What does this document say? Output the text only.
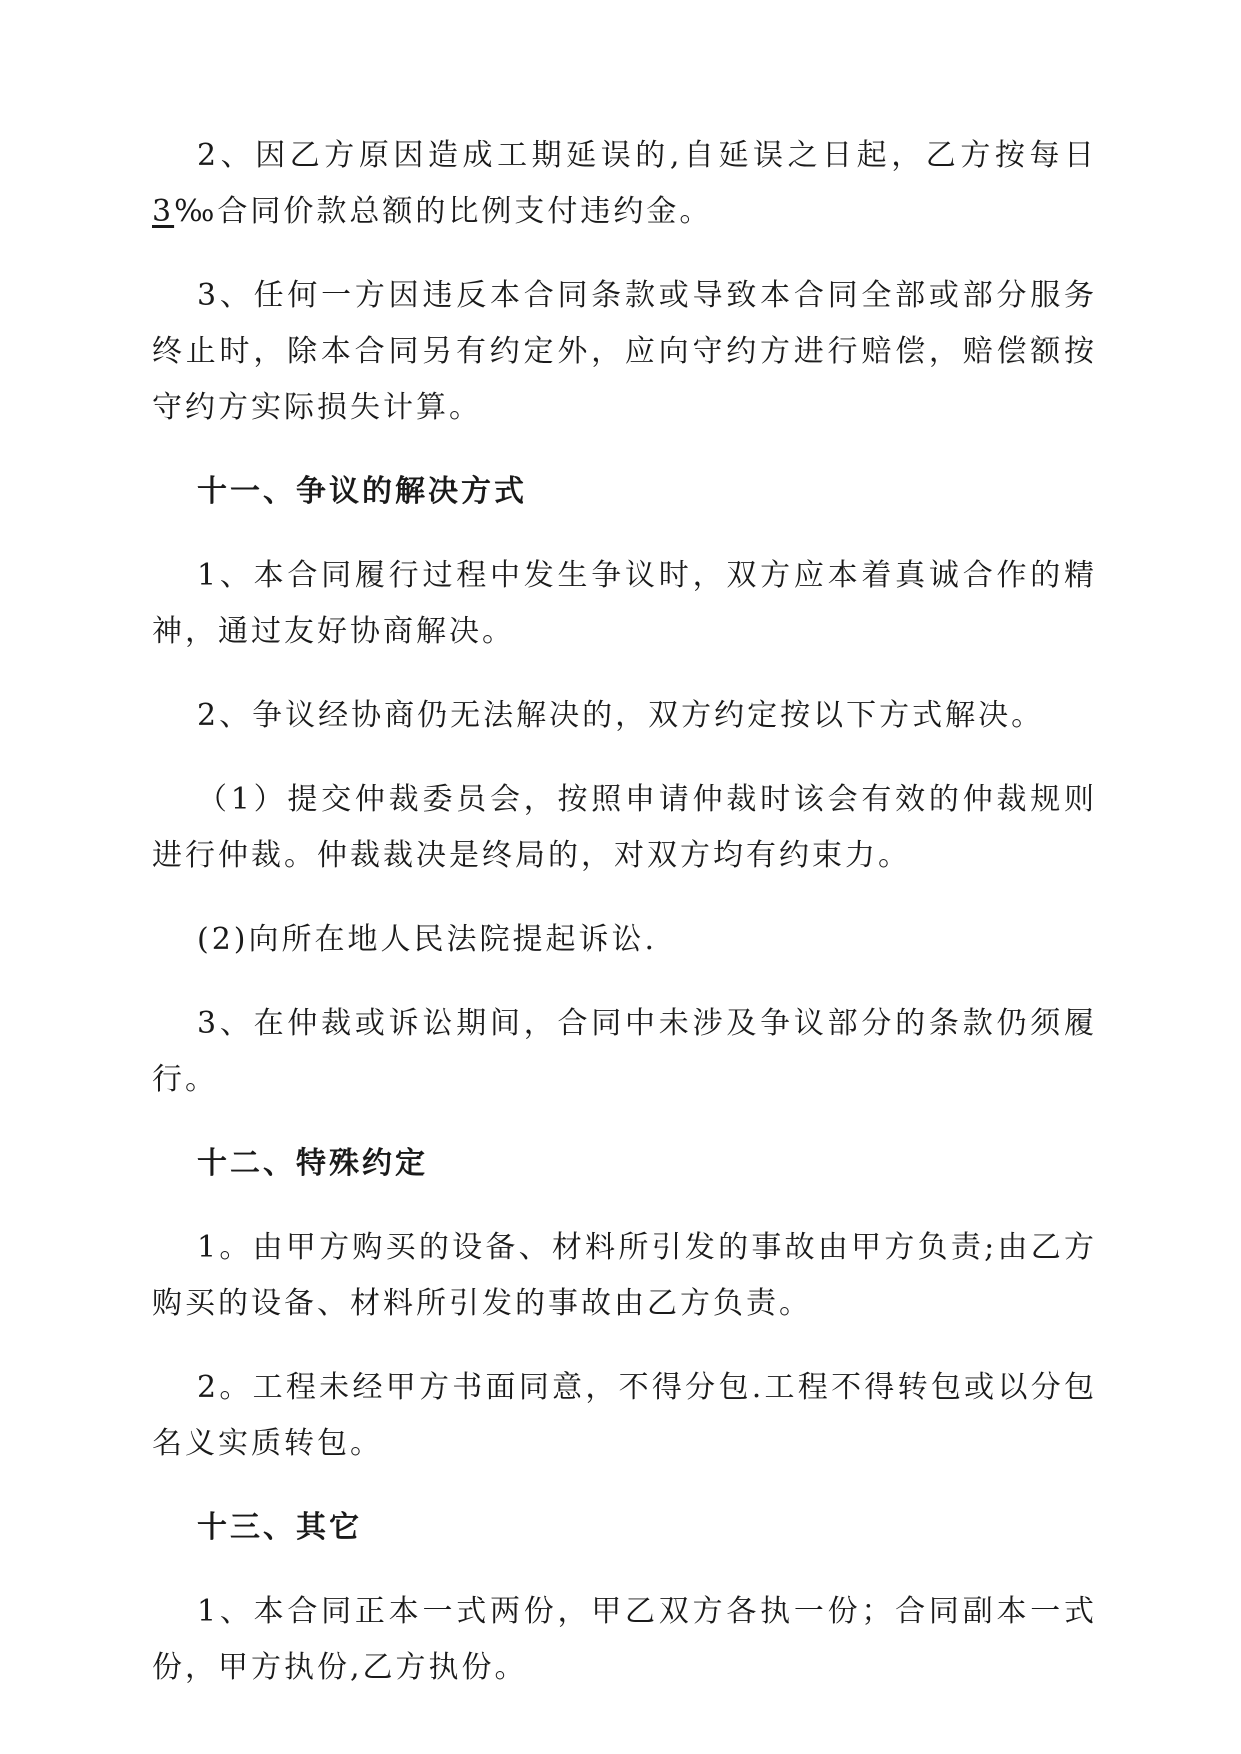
2、因乙方原因造成工期延误的,自延误之日起，乙方按每日 3‰合同价款总额的比例支付违约金。

3、任何一方因违反本合同条款或导致本合同全部或部分服务终止时，除本合同另有约定外，应向守约方进行赔偿，赔偿额按守约方实际损失计算。

十一、争议的解决方式

1、本合同履行过程中发生争议时，双方应本着真诚合作的精神，通过友好协商解决。

2、争议经协商仍无法解决的，双方约定按以下方式解决。

（1）提交仲裁委员会，按照申请仲裁时该会有效的仲裁规则进行仲裁。仲裁裁决是终局的，对双方均有约束力。

(2)向所在地人民法院提起诉讼.

3、在仲裁或诉讼期间，合同中未涉及争议部分的条款仍须履行。

十二、特殊约定

1。由甲方购买的设备、材料所引发的事故由甲方负责;由乙方购买的设备、材料所引发的事故由乙方负责。

2。工程未经甲方书面同意，不得分包.工程不得转包或以分包名义实质转包。

十三、其它

1、本合同正本一式两份，甲乙双方各执一份；合同副本一式份，甲方执份,乙方执份。
